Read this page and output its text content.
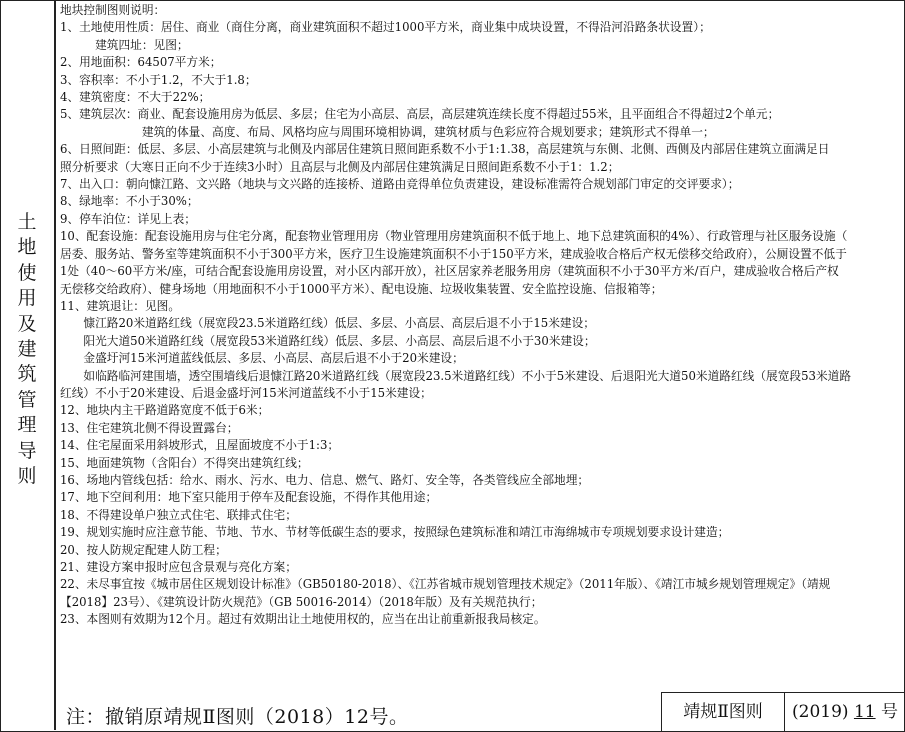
土
地
使
用
及
建
筑
管
理
导
则
地块控制图则说明：
1、土地使用性质：居住、商业（商住分离，商业建筑面积不超过1000平方米，商业集中成块设置，不得沿河沿路条状设置）；
建筑四址：见图；
2、用地面积：64507平方米；
3、容积率：不小于1.2，不大于1.8；
4、建筑密度：不大于22%；
5、建筑层次：商业、配套设施用房为低层、多层；住宅为小高层、高层，高层建筑连续长度不得超过55米，且平面组合不得超过2个单元；
建筑的体量、高度、布局、风格均应与周围环境相协调，建筑材质与色彩应符合规划要求；建筑形式不得单一；
6、日照间距：低层、多层、小高层建筑与北侧及内部居住建筑日照间距系数不小于1:1.38，高层建筑与东侧、北侧、西侧及内部居住建筑立面满足日
照分析要求（大寒日正向不少于连续3小时）且高层与北侧及内部居住建筑满足日照间距系数不小于1：1.2；
7、出入口：朝向慷江路、文兴路（地块与文兴路的连接桥、道路由竞得单位负责建设，建设标准需符合规划部门审定的交评要求）；
8、绿地率：不小于30%；
9、停车泊位：详见上表；
10、配套设施：配套设施用房与住宅分离，配套物业管理用房（物业管理用房建筑面积不低于地上、地下总建筑面积的4%）、行政管理与社区服务设施（
居委、服务站、警务室等建筑面积不小于300平方米，医疗卫生设施建筑面积不小于150平方米，建成验收合格后产权无偿移交给政府），公厕设置不低于
1处（40～60平方米/座，可结合配套设施用房设置，对小区内部开放），社区居家养老服务用房（建筑面积不小于30平方米/百户，建成验收合格后产权
无偿移交给政府）、健身场地（用地面积不小于1000平方米）、配电设施、垃圾收集装置、安全监控设施、信报箱等；
11、建筑退让：见图。
慷江路20米道路红线（展宽段23.5米道路红线）低层、多层、小高层、高层后退不小于15米建设；
阳光大道50米道路红线（展宽段53米道路红线）低层、多层、小高层、高层后退不小于30米建设；
金盛圩河15米河道蓝线低层、多层、小高层、高层后退不小于20米建设；
如临路临河建围墙，透空围墙线后退慷江路20米道路红线（展宽段23.5米道路红线）不小于5米建设、后退阳光大道50米道路红线（展宽段53米道路
红线）不小于20米建设、后退金盛圩河15米河道蓝线不小于15米建设；
12、地块内主干路道路宽度不低于6米；
13、住宅建筑北侧不得设置露台；
14、住宅屋面采用斜坡形式，且屋面坡度不小于1:3；
15、地面建筑物（含阳台）不得突出建筑红线；
16、场地内管线包括：给水、雨水、污水、电力、信息、燃气、路灯、安全等，各类管线应全部地埋；
17、地下空间利用：地下室只能用于停车及配套设施，不得作其他用途；
18、不得建设单户独立式住宅、联排式住宅；
19、规划实施时应注意节能、节地、节水、节材等低碳生态的要求，按照绿色建筑标准和靖江市海绵城市专项规划要求设计建造；
20、按人防规定配建人防工程；
21、建设方案申报时应包含景观与亮化方案；
22、未尽事宜按《城市居住区规划设计标准》（GB50180-2018）、《江苏省城市规划管理技术规定》（2011年版）、《靖江市城乡规划管理规定》（靖规
【2018】23号）、《建筑设计防火规范》（GB 50016-2014）（2018年版）及有关规范执行；
23、本图则有效期为12个月。超过有效期出让土地使用权的，应当在出让前重新报我局核定。
注：撤销原靖规Ⅱ图则（2018）12号。	靖规Ⅱ图则	(2019) 11 号
